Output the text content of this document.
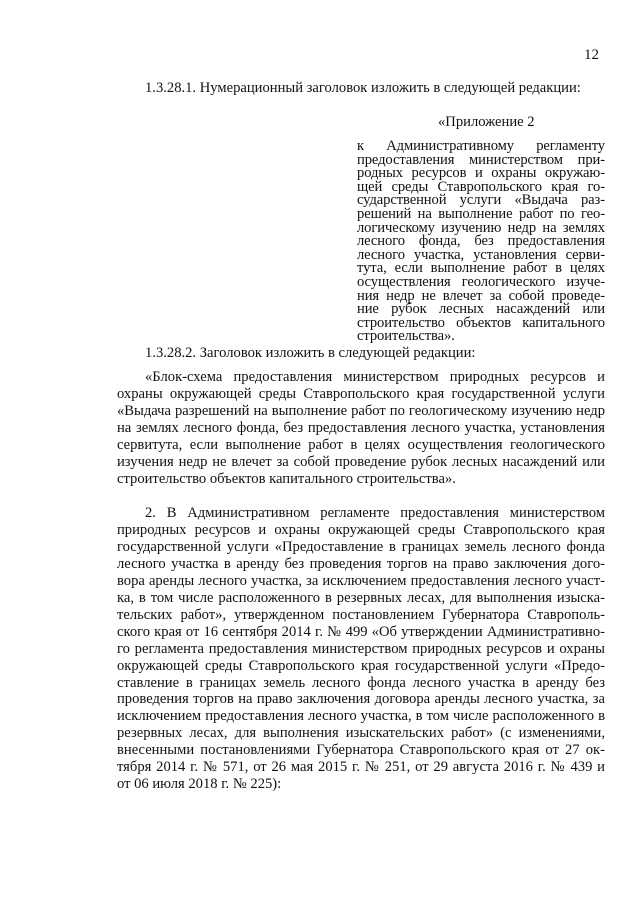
12

1.3.28.1. Нумерационный заголовок изложить в следующей редакции:

«Приложение 2
к Административному регламенту
предоставления министерством при-
родных ресурсов и охраны окружаю-
щей среды Ставропольского края го-
сударственной услуги «Выдача раз-
решений на выполнение работ по гео-
логическому изучению недр на землях
лесного фонда, без предоставления
лесного участка, установления серви-
тута, если выполнение работ в целях
осуществления геологического изуче-
ния недр не влечет за собой проведе-
ние рубок лесных насаждений или
строительство объектов капитального
строительства».

1.3.28.2. Заголовок изложить в следующей редакции:

«Блок-схема предоставления министерством природных ресурсов и
охраны окружающей среды Ставропольского края государственной услуги
«Выдача разрешений на выполнение работ по геологическому изучению недр
на землях лесного фонда, без предоставления лесного участка, установления
сервитута, если выполнение работ в целях осуществления геологического
изучения недр не влечет за собой проведение рубок лесных насаждений или
строительство объектов капитального строительства».
2. В Административном регламенте предоставления министерством
природных ресурсов и охраны окружающей среды Ставропольского края
государственной услуги «Предоставление в границах земель лесного фонда
лесного участка в аренду без проведения торгов на право заключения дого-
вора аренды лесного участка, за исключением предоставления лесного участ-
ка, в том числе расположенного в резервных лесах, для выполнения изыска-
тельских работ», утвержденном постановлением Губернатора Ставрополь-
ского края от 16 сентября 2014 г. № 499 «Об утверждении Административно-
го регламента предоставления министерством природных ресурсов и охраны
окружающей среды Ставропольского края государственной услуги «Предо-
ставление в границах земель лесного фонда лесного участка в аренду без
проведения торгов на право заключения договора аренды лесного участка, за
исключением предоставления лесного участка, в том числе расположенного в
резервных лесах, для выполнения изыскательских работ» (с изменениями,
внесенными постановлениями Губернатора Ставропольского края от 27 ок-
тября 2014 г. № 571, от 26 мая 2015 г. № 251, от 29 августа 2016 г. № 439 и
от 06 июля 2018 г. № 225):
